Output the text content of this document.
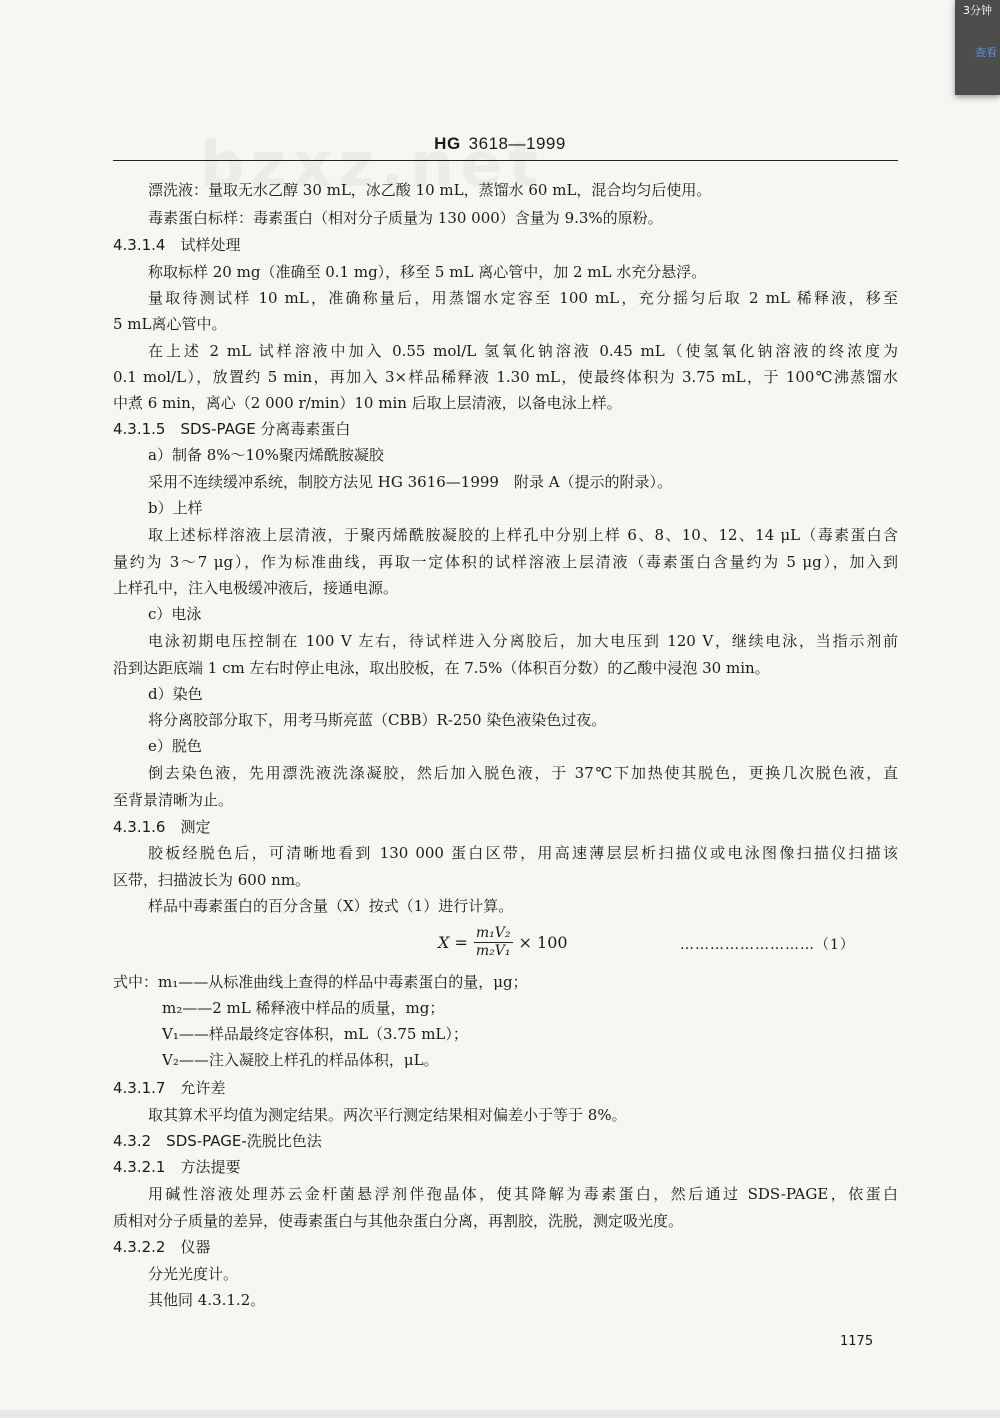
HG 3618—1999
漂洗液：量取无水乙醇 30 mL，冰乙酸 10 mL，蒸馏水 60 mL，混合均匀后使用。
毒素蛋白标样：毒素蛋白（相对分子质量为 130 000）含量为 9.3%的原粉。
4.3.1.4　试样处理
称取标样 20 mg（准确至 0.1 mg），移至 5 mL 离心管中，加 2 mL 水充分悬浮。
量取待测试样 10 mL，准确称量后，用蒸馏水定容至 100 mL，充分摇匀后取 2 mL 稀释液，移至
5 mL离心管中。
在上述 2 mL 试样溶液中加入 0.55 mol/L 氢氧化钠溶液 0.45 mL（使氢氧化钠溶液的终浓度为
0.1 mol/L），放置约 5 min，再加入 3×样品稀释液 1.30 mL，使最终体积为 3.75 mL，于 100℃沸蒸馏水
中煮 6 min，离心（2 000 r/min）10 min 后取上层清液，以备电泳上样。
4.3.1.5　SDS-PAGE 分离毒素蛋白
a）制备 8%～10%聚丙烯酰胺凝胶
采用不连续缓冲系统，制胶方法见 HG 3616—1999　附录 A（提示的附录）。
b）上样
取上述标样溶液上层清液，于聚丙烯酰胺凝胶的上样孔中分别上样 6、8、10、12、14 μL（毒素蛋白含
量约为 3～7 μg），作为标准曲线，再取一定体积的试样溶液上层清液（毒素蛋白含量约为 5 μg），加入到
上样孔中，注入电极缓冲液后，接通电源。
c）电泳
电泳初期电压控制在 100 V 左右，待试样进入分离胶后，加大电压到 120 V，继续电泳，当指示剂前
沿到达距底端 1 cm 左右时停止电泳，取出胶板，在 7.5%（体积百分数）的乙酸中浸泡 30 min。
d）染色
将分离胶部分取下，用考马斯亮蓝（CBB）R-250 染色液染色过夜。
e）脱色
倒去染色液，先用漂洗液洗涤凝胶，然后加入脱色液，于 37℃下加热使其脱色，更换几次脱色液，直
至背景清晰为止。
4.3.1.6　测定
胶板经脱色后，可清晰地看到 130 000 蛋白区带，用高速薄层层析扫描仪或电泳图像扫描仪扫描该
区带，扫描波长为 600 nm。
样品中毒素蛋白的百分含量（X）按式（1）进行计算。
$X = \frac{\text{m₁V₂}}{\text{m₂V₁}} \times 100$	………………………（1）
式中：m₁——从标准曲线上查得的样品中毒素蛋白的量，μg；
m₂——2 mL 稀释液中样品的质量，mg；
V₁——样品最终定容体积，mL（3.75 mL）；
V₂——注入凝胶上样孔的样品体积，μL。
4.3.1.7　允许差
取其算术平均值为测定结果。两次平行测定结果相对偏差小于等于 8%。
4.3.2　SDS-PAGE-洗脱比色法
4.3.2.1　方法提要
用碱性溶液处理苏云金杆菌悬浮剂伴孢晶体，使其降解为毒素蛋白，然后通过 SDS-PAGE，依蛋白
质相对分子质量的差异，使毒素蛋白与其他杂蛋白分离，再割胶，洗脱，测定吸光度。
4.3.2.2　仪器
分光光度计。
其他同 4.3.1.2。
1175
3分钟
查看
